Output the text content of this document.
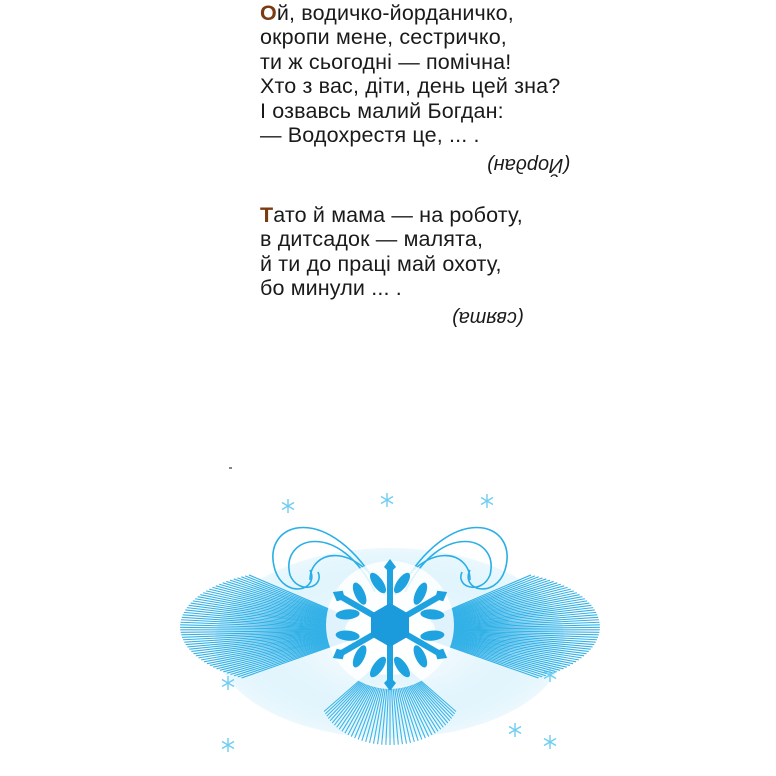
Ой, водичко-йорданичко,
окропи мене, сестричко,
ти ж сьогодні — помічна!
Хто з вас, діти, день цей зна?
І озвавсь малий Богдан:
— Водохрестя це, ... .
(Йордан)
Тато й мама — на роботу,
в дитсадок — малята,
й ти до праці май охоту,
бо минули ... .
(свята)
